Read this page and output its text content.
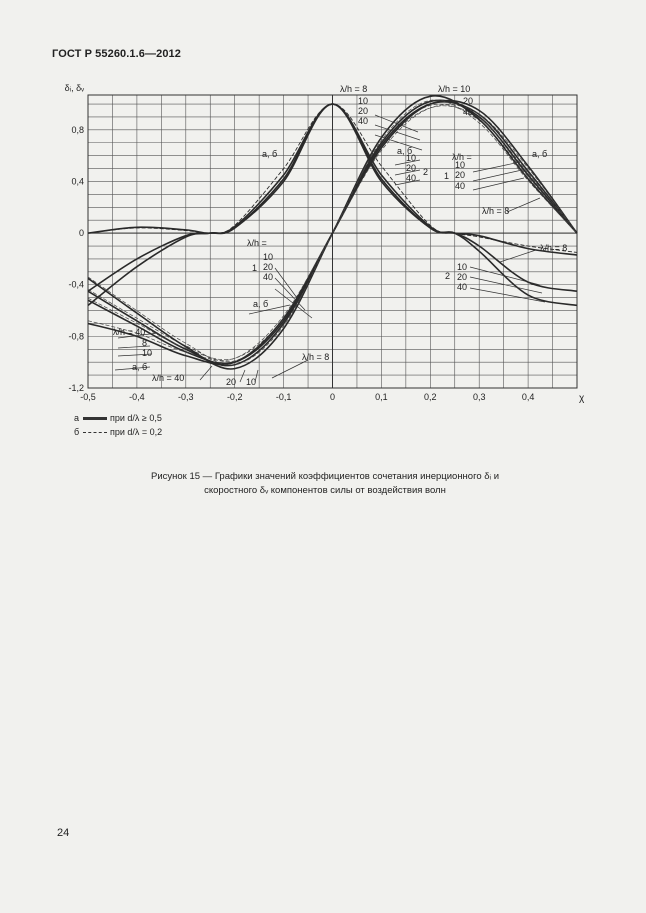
ГОСТ Р 55260.1.6—2012
-0,5	-0,4	-0,3	-0,2	-0,1	0	0,1	0,2	0,3	0,4
0,8
0,4
0
-0,4
-0,8
-1,2
δᵢ, δᵥ
χ
λ/h = 8	λ/h = 10
10
20
40
20
40
а, б	10
20
40
2
а, б
λ/h =
1
10
20
40
а, б
λ/h = 8
λ/h = 8
λ/h =
1
10
20
40	2
10
20
40
а, б
λ/h = 40
8
10
а, б
λ/h = 40	20 10
λ/h = 8
а	при d/λ ≥ 0,5
б	при d/λ = 0,2
Рисунок 15 — Графики значений коэффициентов сочетания инерционного δᵢ и
скоростного δᵥ компонентов силы от воздействия волн
24
